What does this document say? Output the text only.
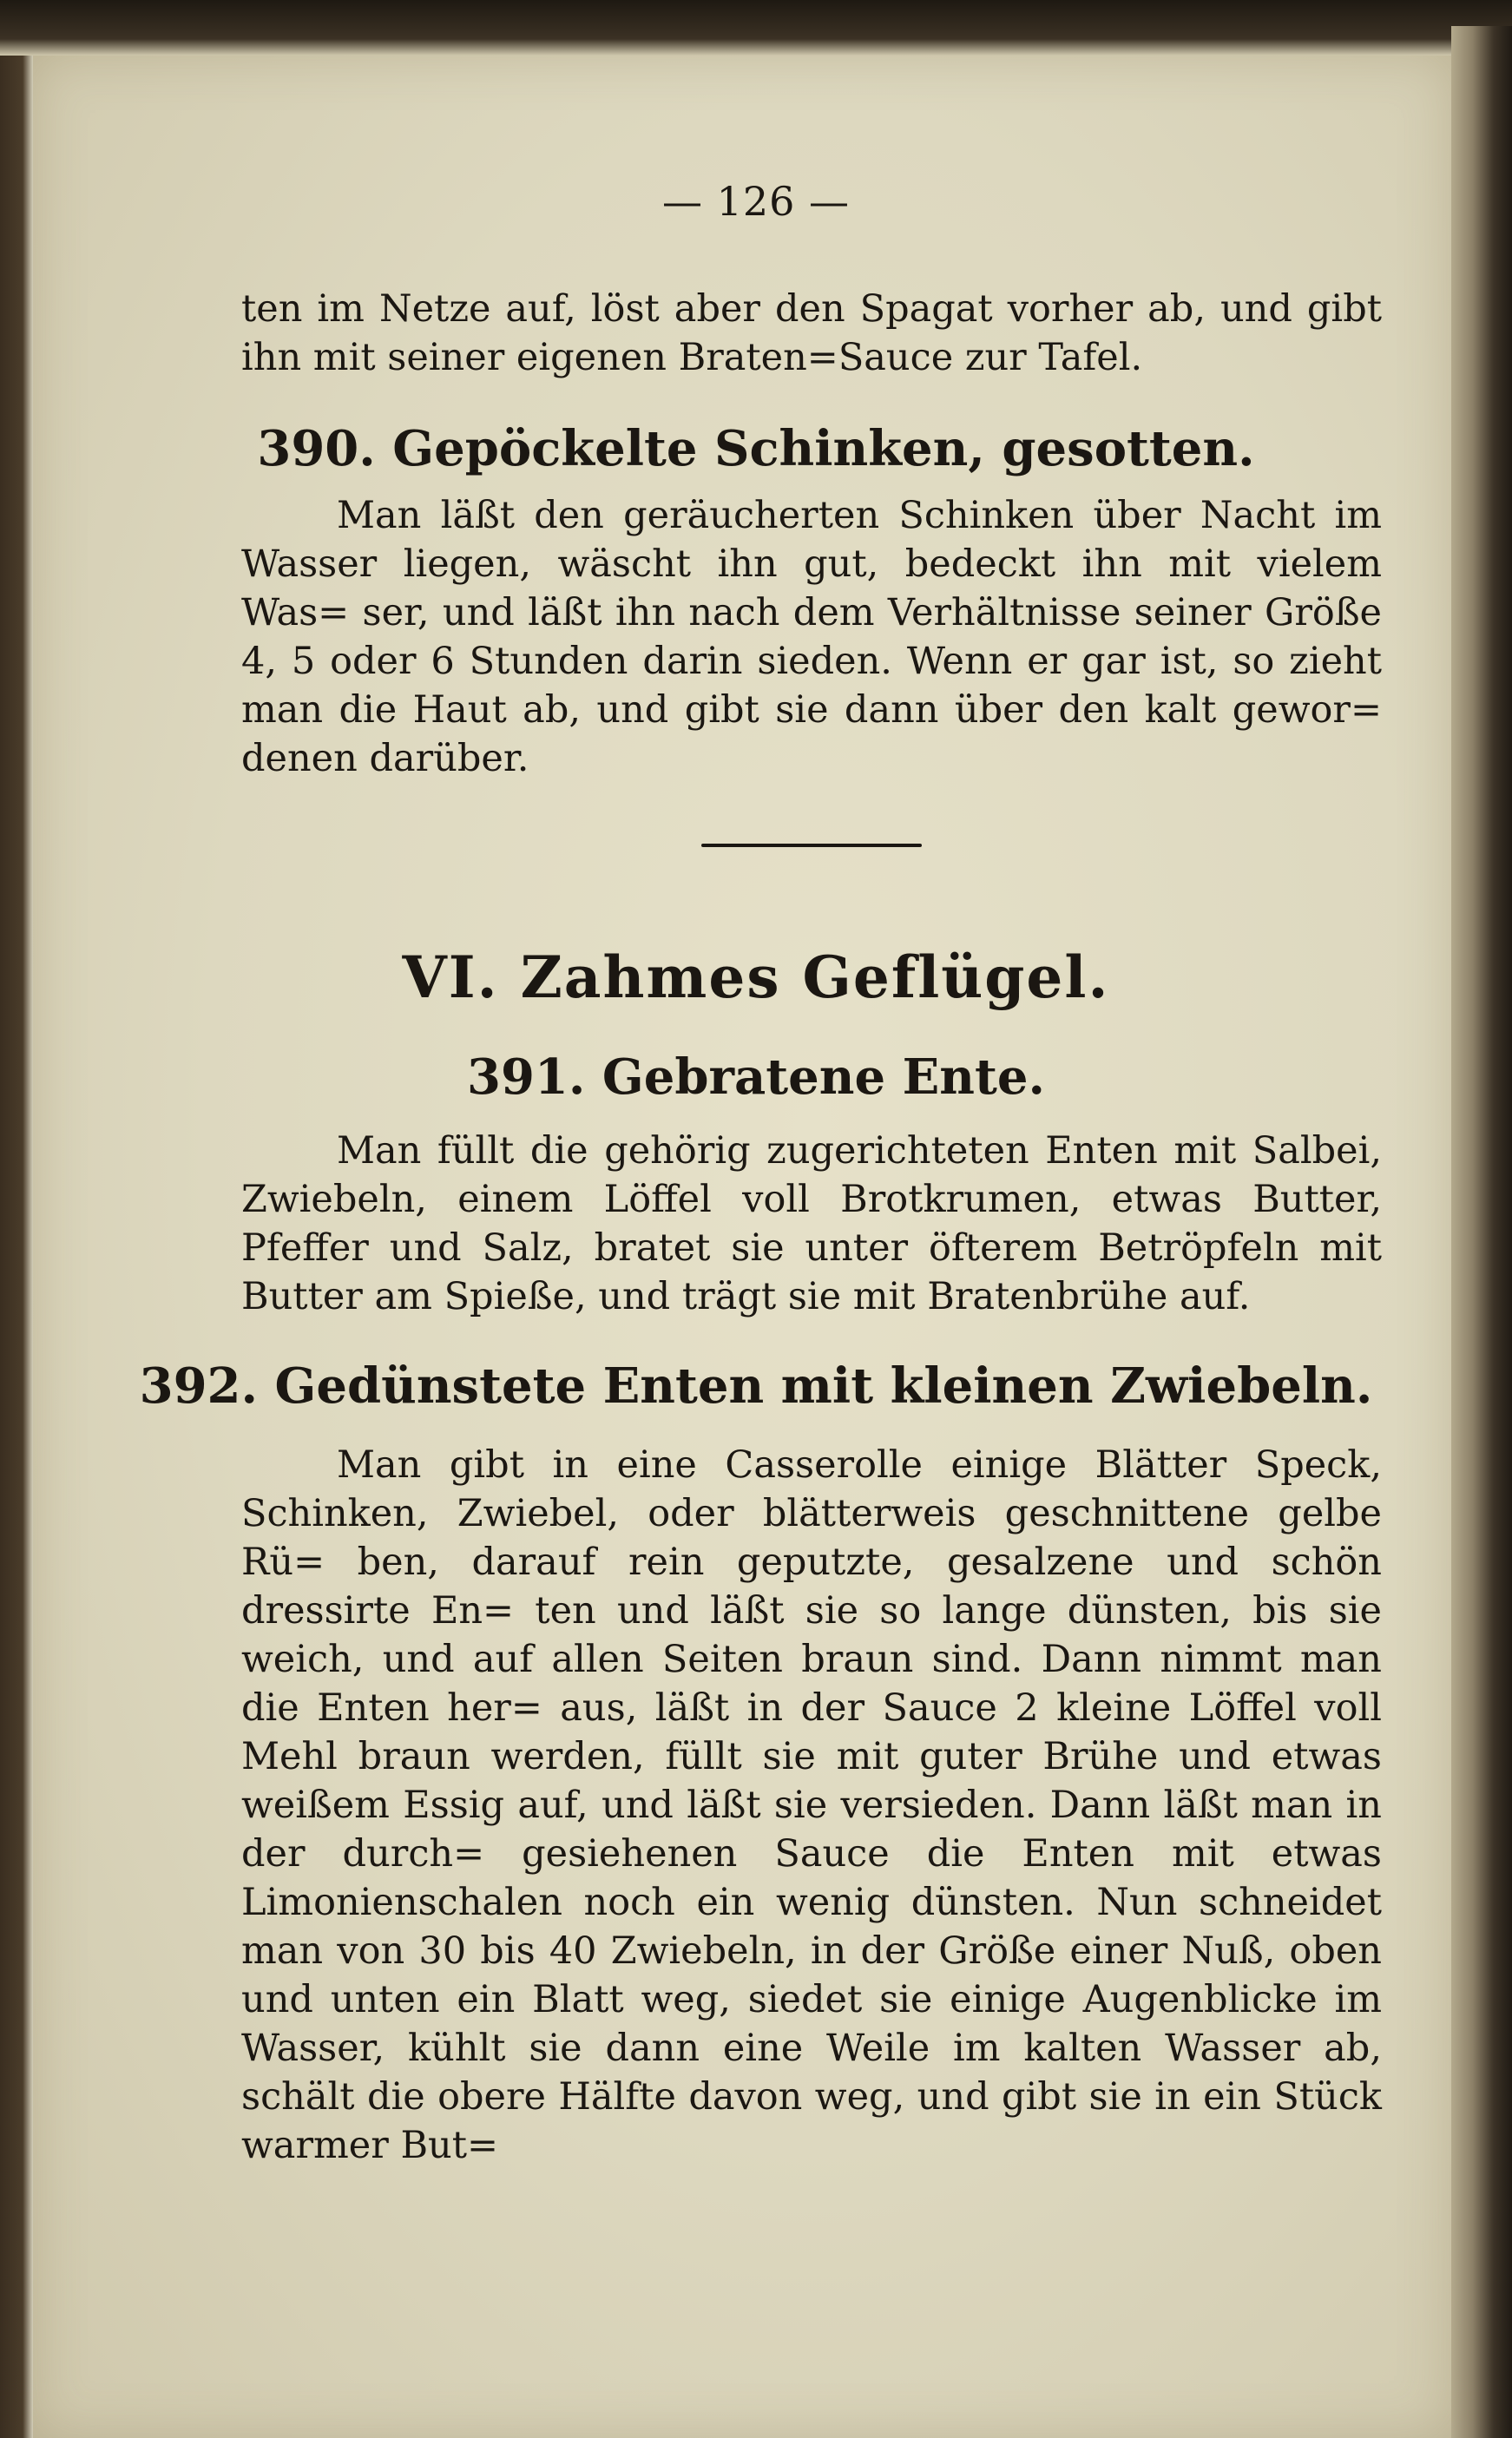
— 126 —
ten im Netze auf, löst aber den Spagat vorher ab, und gibt ihn mit seiner eigenen Braten=Sauce zur Tafel.
390. Gepöckelte Schinken, gesotten.
Man läßt den geräucherten Schinken über Nacht im Wasser liegen, wäscht ihn gut, bedeckt ihn mit vielem Was= ser, und läßt ihn nach dem Verhältnisse seiner Größe 4, 5 oder 6 Stunden darin sieden. Wenn er gar ist, so zieht man die Haut ab, und gibt sie dann über den kalt gewor= denen darüber.
VI. Zahmes Geflügel.
391. Gebratene Ente.
Man füllt die gehörig zugerichteten Enten mit Salbei, Zwiebeln, einem Löffel voll Brotkrumen, etwas Butter, Pfeffer und Salz, bratet sie unter öfterem Betröpfeln mit Butter am Spieße, und trägt sie mit Bratenbrühe auf.
392. Gedünstete Enten mit kleinen Zwiebeln.
Man gibt in eine Casserolle einige Blätter Speck, Schinken, Zwiebel, oder blätterweis geschnittene gelbe Rü= ben, darauf rein geputzte, gesalzene und schön dressirte En= ten und läßt sie so lange dünsten, bis sie weich, und auf allen Seiten braun sind. Dann nimmt man die Enten her= aus, läßt in der Sauce 2 kleine Löffel voll Mehl braun werden, füllt sie mit guter Brühe und etwas weißem Essig auf, und läßt sie versieden. Dann läßt man in der durch= gesiehenen Sauce die Enten mit etwas Limonienschalen noch ein wenig dünsten. Nun schneidet man von 30 bis 40 Zwiebeln, in der Größe einer Nuß, oben und unten ein Blatt weg, siedet sie einige Augenblicke im Wasser, kühlt sie dann eine Weile im kalten Wasser ab, schält die obere Hälfte davon weg, und gibt sie in ein Stück warmer But=
